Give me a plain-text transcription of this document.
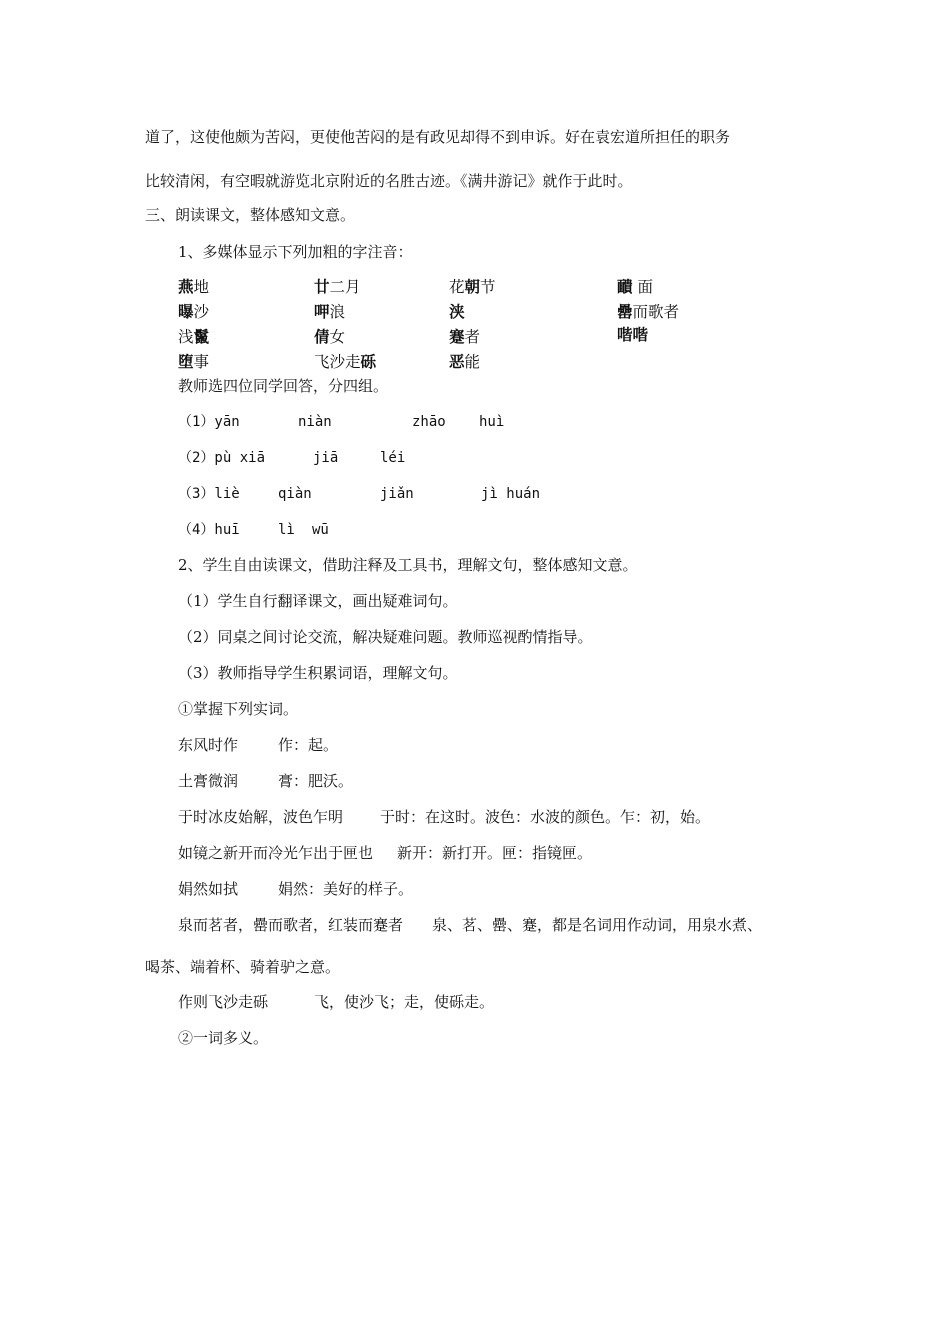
道了，这使他颇为苦闷，更使他苦闷的是有政见却得不到申诉。好在袁宏道所担任的职务
比较清闲，有空暇就游览北京附近的名胜古迹。《满井游记》就作于此时。
三、朗读课文，整体感知文意。
1、多媒体显示下列加粗的字注音：
燕地	廿二月	花朝节	靧 面
曝沙	呷浪	浃	罍而歌者
浅鬣	倩女	蹇者	喈喈
堕事	飞沙走砾	恶能
教师选四位同学回答，分四组。
（1）yān	niàn	zhāo huì
（2）pù xiā	jiā	léi
（3）liè	qiàn	jiǎn	jì huán
（4）huī	lì wū
2、学生自由读课文，借助注释及工具书，理解文句，整体感知文意。
（1）学生自行翻译课文，画出疑难词句。
（2）同桌之间讨论交流，解决疑难问题。教师巡视酌情指导。
（3）教师指导学生积累词语，理解文句。
①掌握下列实词。
东风时作	作：起。
土膏微润	膏：肥沃。
于时冰皮始解，波色乍明 于时：在这时。波色：水波的颜色。乍：初，始。
如镜之新开而冷光乍出于匣也 新开：新打开。匣：指镜匣。
娟然如拭	娟然：美好的样子。
泉而茗者，罍而歌者，红装而蹇者 泉、茗、罍、蹇，都是名词用作动词，用泉水煮、
喝茶、端着杯、骑着驴之意。
作则飞沙走砾	飞，使沙飞；走，使砾走。
②一词多义。
